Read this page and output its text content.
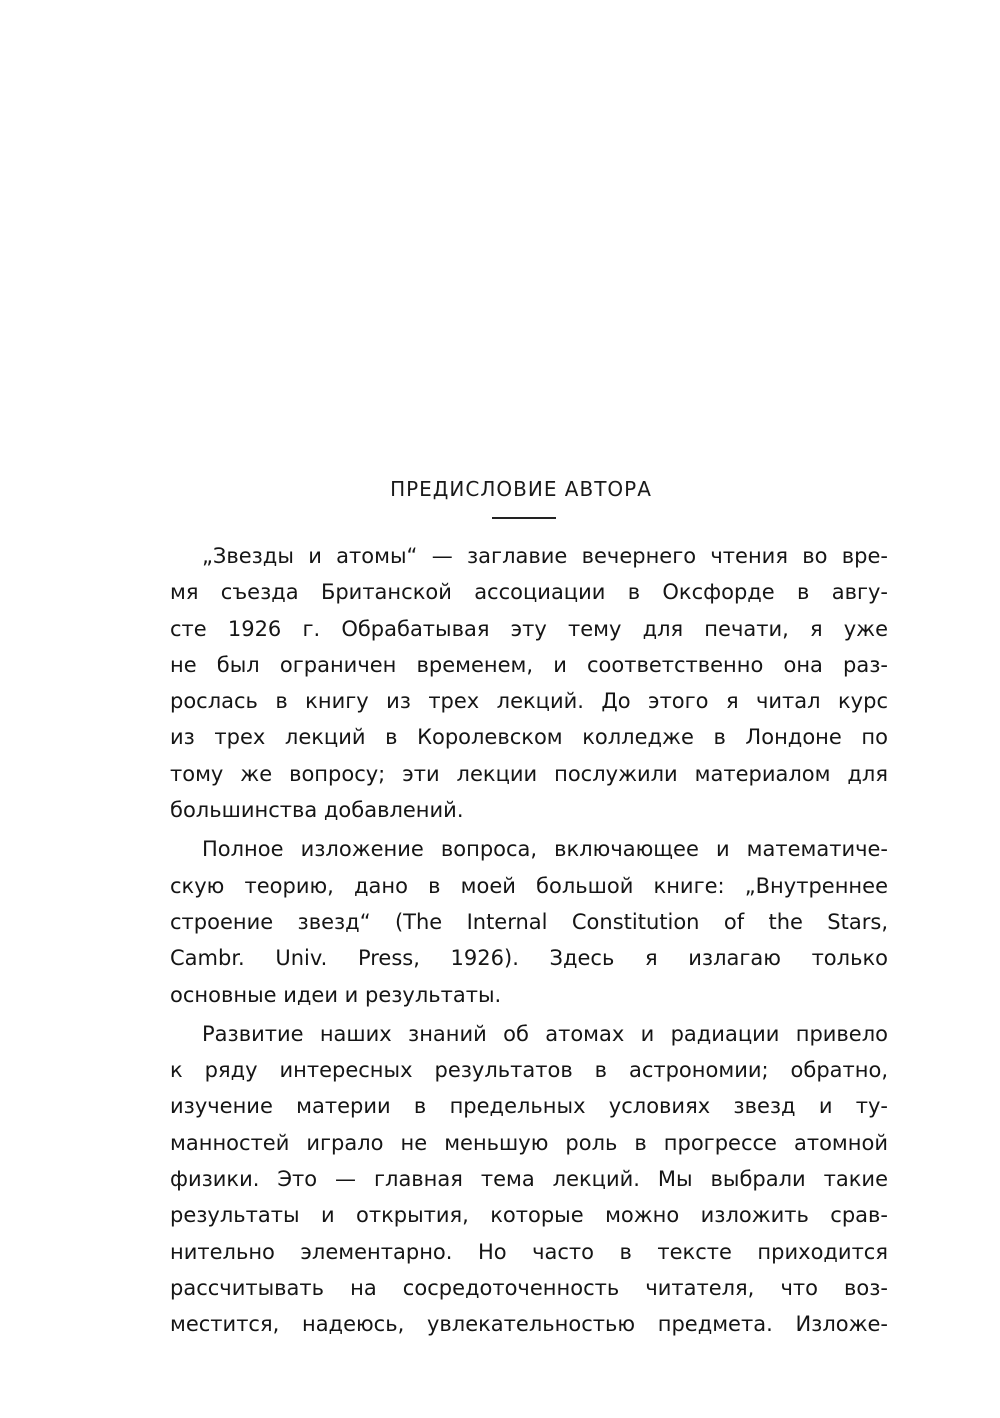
ПРЕДИСЛОВИЕ АВТОРА
„Звезды и атомы“ — заглавие вечернего чтения во вре-
мя съезда Британской ассоциации в Оксфорде в авгу-
сте 1926 г. Обрабатывая эту тему для печати, я уже
не был ограничен временем, и соответственно она раз-
рослась в книгу из трех лекций. До этого я читал курс
из трех лекций в Королевском колледже в Лондоне по
тому же вопросу; эти лекции послужили материалом для
большинства добавлений.
Полное изложение вопроса, включающее и математиче-
скую теорию, дано в моей большой книге: „Внутреннее
строение звезд“ (The Internal Constitution of the Stars,
Cambr. Univ. Press, 1926). Здесь я излагаю только
основные идеи и результаты.
Развитие наших знаний об атомах и радиации привело
к ряду интересных результатов в астрономии; обратно,
изучение материи в предельных условиях звезд и ту-
манностей играло не меньшую роль в прогрессе атомной
физики. Это — главная тема лекций. Мы выбрали такие
результаты и открытия, которые можно изложить срав-
нительно элементарно. Но часто в тексте приходится
рассчитывать на сосредоточенность читателя, что воз-
местится, надеюсь, увлекательностью предмета. Изложе-
